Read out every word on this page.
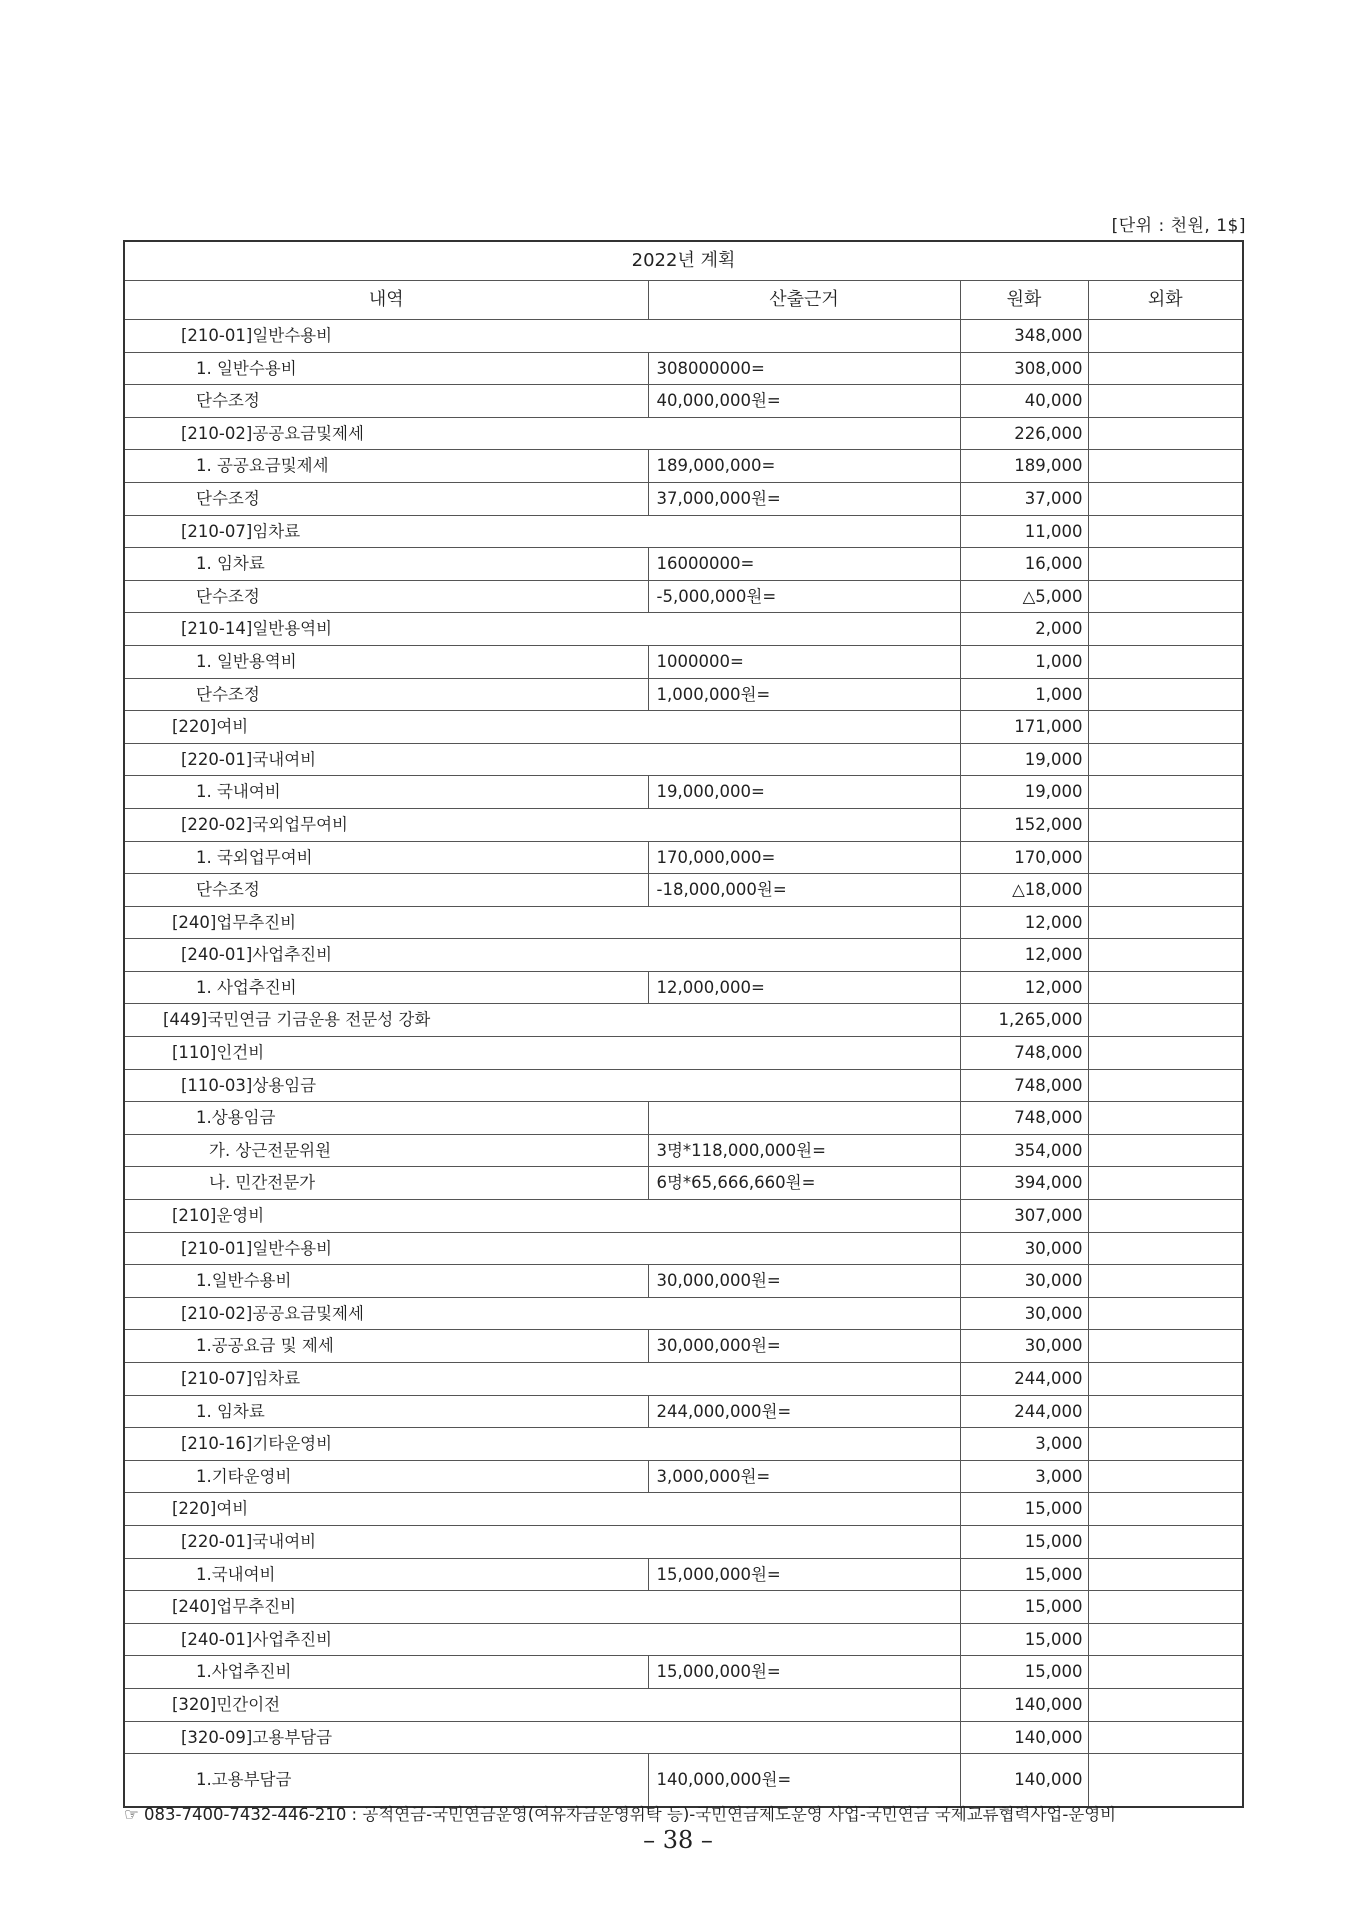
[단위 : 천원, 1$]
2022년 계획			
내역	산출근거	원화	외화
[210-01]일반수용비		348,000	
1. 일반수용비	308000000=	308,000	
단수조정	40,000,000원=	40,000	
[210-02]공공요금및제세		226,000	
1. 공공요금및제세	189,000,000=	189,000	
단수조정	37,000,000원=	37,000	
[210-07]임차료		11,000	
1. 임차료	16000000=	16,000	
단수조정	-5,000,000원=	△5,000	
[210-14]일반용역비		2,000	
1. 일반용역비	1000000=	1,000	
단수조정	1,000,000원=	1,000	
[220]여비		171,000	
[220-01]국내여비		19,000	
1. 국내여비	19,000,000=	19,000	
[220-02]국외업무여비		152,000	
1. 국외업무여비	170,000,000=	170,000	
단수조정	-18,000,000원=	△18,000	
[240]업무추진비		12,000	
[240-01]사업추진비		12,000	
1. 사업추진비	12,000,000=	12,000	
[449]국민연금 기금운용 전문성 강화		1,265,000	
[110]인건비		748,000	
[110-03]상용임금		748,000	
1.상용임금		748,000	
가. 상근전문위원	3명*118,000,000원=	354,000	
나. 민간전문가	6명*65,666,660원=	394,000	
[210]운영비		307,000	
[210-01]일반수용비		30,000	
1.일반수용비	30,000,000원=	30,000	
[210-02]공공요금및제세		30,000	
1.공공요금 및 제세	30,000,000원=	30,000	
[210-07]임차료		244,000	
1. 임차료	244,000,000원=	244,000	
[210-16]기타운영비		3,000	
1.기타운영비	3,000,000원=	3,000	
[220]여비		15,000	
[220-01]국내여비		15,000	
1.국내여비	15,000,000원=	15,000	
[240]업무추진비		15,000	
[240-01]사업추진비		15,000	
1.사업추진비	15,000,000원=	15,000	
[320]민간이전		140,000	
[320-09]고용부담금		140,000	
1.고용부담금	140,000,000원=	140,000	
☞ 083-7400-7432-446-210 : 공적연금-국민연금운영(여유자금운영위탁 등)-국민연금제도운영 사업-국민연금 국제교류협력사업-운영비
– 38 –
